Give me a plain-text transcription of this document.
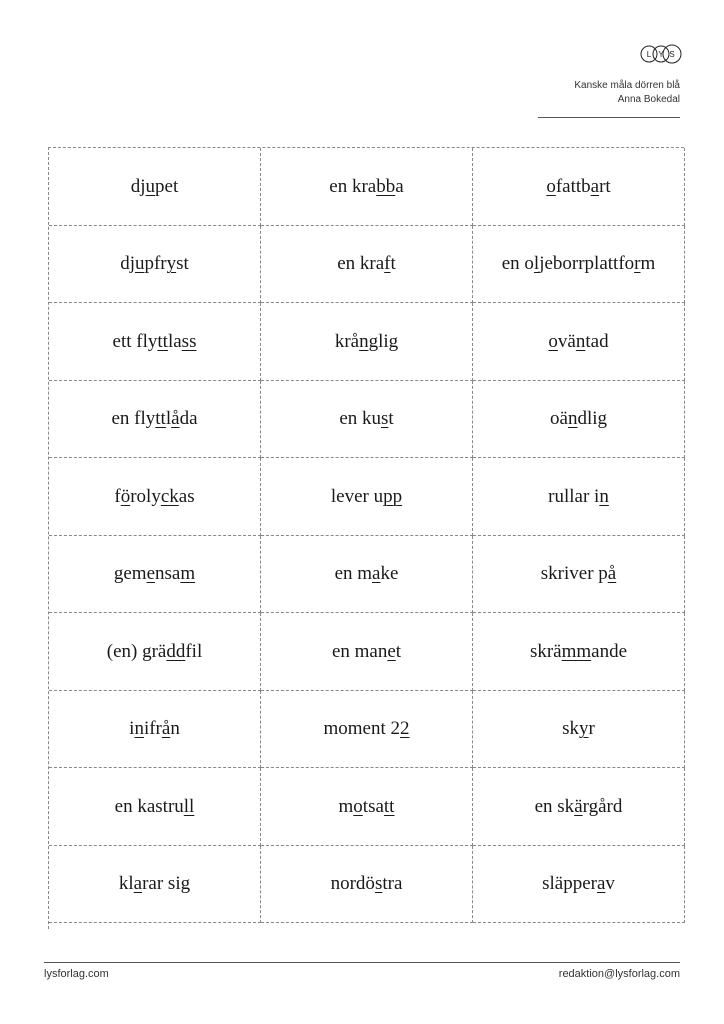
L Y S
Kanske måla dörren blå
Anna Bokedal
dj u pet	en kra bb a	o fattb a rt
dj u pfr y st	en kra f t	en o l jeborrplattfo r m
ett fly tt la ss	krå ng lig	o vä n tad
en fly tt l å da	en ku s t	oä n dlig
f ö roly ck as	lever u pp	rullar i n
gem e nsa m	en m a ke	skriver p å
(en) grä dd fil	en man e t	skrä mm ande
i n ifr å n	moment 2 2	sk y r
en kastru ll	m o tsa tt	en sk ä rgård
kl a rar sig	nordö s tra	släpper a v
lysforlag.com	redaktion@lysforlag.com
